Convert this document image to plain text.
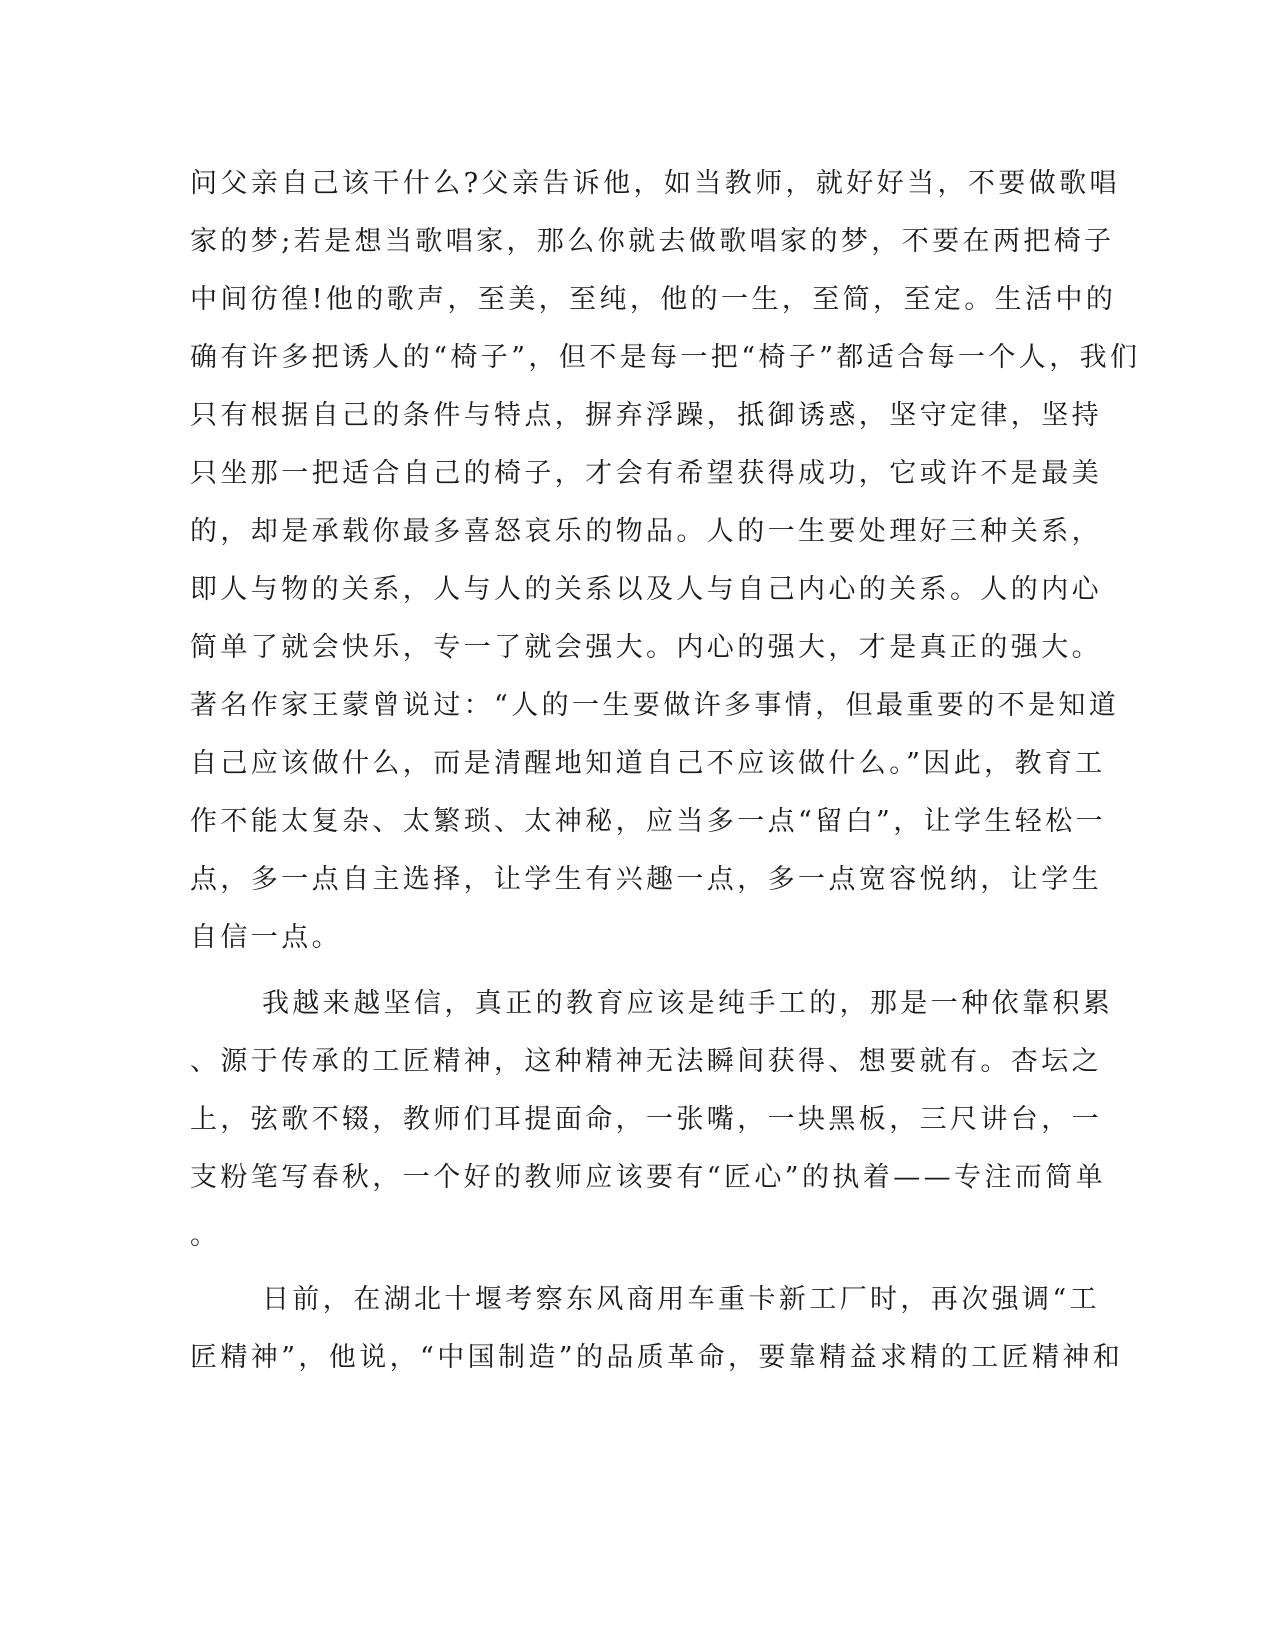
问父亲自己该干什么?父亲告诉他，如当教师，就好好当，不要做歌唱
家的梦;若是想当歌唱家，那么你就去做歌唱家的梦，不要在两把椅子
中间彷徨!他的歌声，至美，至纯，他的一生，至简，至定。生活中的
确有许多把诱人的“椅子”，但不是每一把“椅子”都适合每一个人，我们
只有根据自己的条件与特点，摒弃浮躁，抵御诱惑，坚守定律，坚持
只坐那一把适合自己的椅子，才会有希望获得成功，它或许不是最美
的，却是承载你最多喜怒哀乐的物品。人的一生要处理好三种关系，
即人与物的关系，人与人的关系以及人与自己内心的关系。人的内心
简单了就会快乐，专一了就会强大。内心的强大，才是真正的强大。
著名作家王蒙曾说过：“人的一生要做许多事情，但最重要的不是知道
自己应该做什么，而是清醒地知道自己不应该做什么。”因此，教育工
作不能太复杂、太繁琐、太神秘，应当多一点“留白”，让学生轻松一
点，多一点自主选择，让学生有兴趣一点，多一点宽容悦纳，让学生
自信一点。
我越来越坚信，真正的教育应该是纯手工的，那是一种依靠积累
、源于传承的工匠精神，这种精神无法瞬间获得、想要就有。杏坛之
上，弦歌不辍，教师们耳提面命，一张嘴，一块黑板，三尺讲台，一
支粉笔写春秋，一个好的教师应该要有“匠心”的执着——专注而简单
。
日前，在湖北十堰考察东风商用车重卡新工厂时，再次强调“工
匠精神”，他说，“中国制造”的品质革命，要靠精益求精的工匠精神和
